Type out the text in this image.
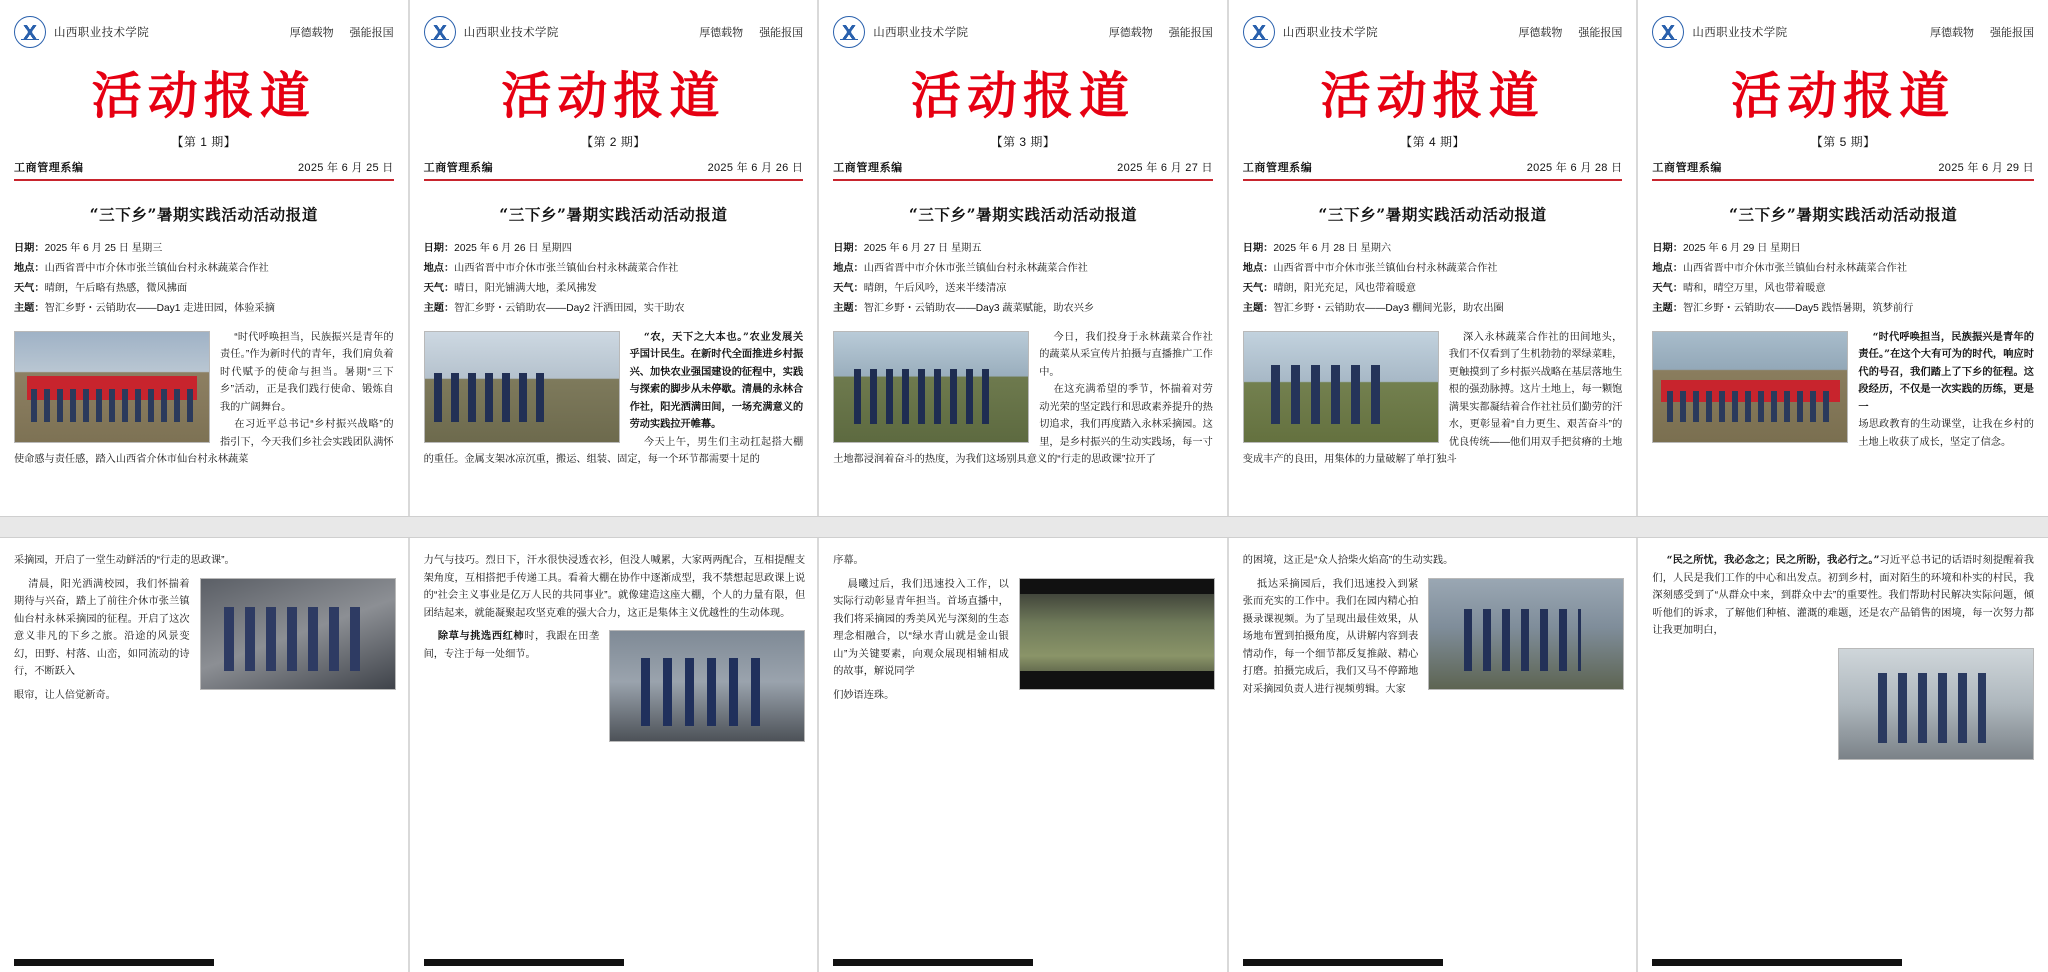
山西职业技术学院	厚德载物 强能报国
活动报道
【第 1 期】
工商管理系编	2025 年 6 月 25 日
“三下乡”暑期实践活动活动报道
日期：2025 年 6 月 25 日 星期三
地点：山西省晋中市介休市张兰镇仙台村永林蔬菜合作社
天气：晴朗，午后略有热感，微风拂面
主题：智汇乡野・云销助农——Day1 走进田园，体验采摘

“时代呼唤担当，民族振兴是青年的责任。”作为新时代的青年，我们肩负着时代赋予的使命与担当。暑期“三下乡”活动，正是我们践行使命、锻炼自我的广阔舞台。

在习近平总书记“乡村振兴战略”的指引下，今天我们乡社会实践团队满怀使命感与责任感，踏入山西省介休市仙台村永林蔬菜

采摘园，开启了一堂生动鲜活的“行走的思政课”。

清晨，阳光洒满校园，我们怀揣着期待与兴奋，踏上了前往介休市张兰镇仙台村永林采摘园的征程。开启了这次意义非凡的下乡之旅。沿途的风景变幻，田野、村落、山峦，如同流动的诗行，不断跃入

眼帘，让人倍觉新奇。

山西职业技术学院	厚德载物 强能报国
活动报道
【第 2 期】
工商管理系编	2025 年 6 月 26 日
“三下乡”暑期实践活动活动报道
日期：2025 年 6 月 26 日 星期四
地点：山西省晋中市介休市张兰镇仙台村永林蔬菜合作社
天气：晴日，阳光铺满大地，柔风拂发
主题：智汇乡野・云销助农——Day2 汗洒田园，实干助农

“农，天下之大本也。”农业发展关乎国计民生。在新时代全面推进乡村振兴、加快农业强国建设的征程中，实践与探索的脚步从未停歇。清晨的永林合作社，阳光洒满田间，一场充满意义的劳动实践拉开帷幕。

今天上午，男生们主动扛起搭大棚的重任。金属支架冰凉沉重，搬运、组装、固定，每一个环节都需要十足的

力气与技巧。烈日下，汗水很快浸透衣衫，但没人喊累，大家两两配合，互相提醒支架角度，互相搭把手传递工具。看着大棚在协作中逐渐成型，我不禁想起思政课上说的“社会主义事业是亿万人民的共同事业”。就像建造这座大棚，个人的力量有限，但团结起来，就能凝聚起攻坚克难的强大合力，这正是集体主义优越性的生动体现。

除草与挑选西红柿时，我跟在田垄间，专注于每一处细节。

山西职业技术学院	厚德载物 强能报国
活动报道
【第 3 期】
工商管理系编	2025 年 6 月 27 日
“三下乡”暑期实践活动活动报道
日期：2025 年 6 月 27 日 星期五
地点：山西省晋中市介休市张兰镇仙台村永林蔬菜合作社
天气：晴朗，午后风吟，送来半缕清凉
主题：智汇乡野・云销助农——Day3 蔬菜赋能，助农兴乡

今日，我们投身于永林蔬菜合作社的蔬菜从采宣传片拍摄与直播推广工作中。

在这充满希望的季节，怀揣着对劳动光荣的坚定践行和思政素养提升的热切追求，我们再度踏入永林采摘园。这里，是乡村振兴的生动实践场，每一寸土地都浸润着奋斗的热度，为我们这场别具意义的“行走的思政课”拉开了

序幕。

晨曦过后，我们迅速投入工作，以实际行动彰显青年担当。首场直播中，我们将采摘园的秀美风光与深刻的生态理念相融合，以“绿水青山就是金山银山”为关键要素，向观众展现相辅相成的故事，解说同学

们妙语连珠。

山西职业技术学院	厚德载物 强能报国
活动报道
【第 4 期】
工商管理系编	2025 年 6 月 28 日
“三下乡”暑期实践活动活动报道
日期：2025 年 6 月 28 日 星期六
地点：山西省晋中市介休市张兰镇仙台村永林蔬菜合作社
天气：晴朗，阳光充足，风也带着暖意
主题：智汇乡野・云销助农——Day3 棚间光影，助农出圈

深入永林蔬菜合作社的田间地头，我们不仅看到了生机勃勃的翠绿菜畦，更触摸到了乡村振兴战略在基层落地生根的强劲脉搏。这片土地上，每一颗饱满果实都凝结着合作社社员们勤劳的汗水，更彰显着“自力更生、艰苦奋斗”的优良传统——他们用双手把贫瘠的土地变成丰产的良田，用集体的力量破解了单打独斗

的困境，这正是“众人拾柴火焰高”的生动实践。

抵达采摘园后，我们迅速投入到紧张而充实的工作中。我们在园内精心拍摄录课视频。为了呈现出最佳效果，从场地布置到拍摄角度，从讲解内容到表情动作，每一个细节都反复推敲、精心打磨。拍摄完成后，我们又马不停蹄地对采摘园负责人进行视频剪辑。大家

山西职业技术学院	厚德载物 强能报国
活动报道
【第 5 期】
工商管理系编	2025 年 6 月 29 日
“三下乡”暑期实践活动活动报道
日期：2025 年 6 月 29 日 星期日
地点：山西省晋中市介休市张兰镇仙台村永林蔬菜合作社
天气：晴和，晴空万里，风也带着暖意
主题：智汇乡野・云销助农——Day5 践悟暑期，筑梦前行

“时代呼唤担当，民族振兴是青年的责任。”在这个大有可为的时代，响应时代的号召，我们踏上了下乡的征程。这段经历，不仅是一次实践的历练，更是一

场思政教育的生动课堂，让我在乡村的土地上收获了成长，坚定了信念。

“民之所忧，我必念之；民之所盼，我必行之。”习近平总书记的话语时刻提醒着我们，人民是我们工作的中心和出发点。初到乡村，面对陌生的环境和朴实的村民，我深刻感受到了“从群众中来，到群众中去”的重要性。我们帮助村民解决实际问题，倾听他们的诉求，了解他们种植、灌溉的难题，还是农产品销售的困境，每一次努力都让我更加明白，
